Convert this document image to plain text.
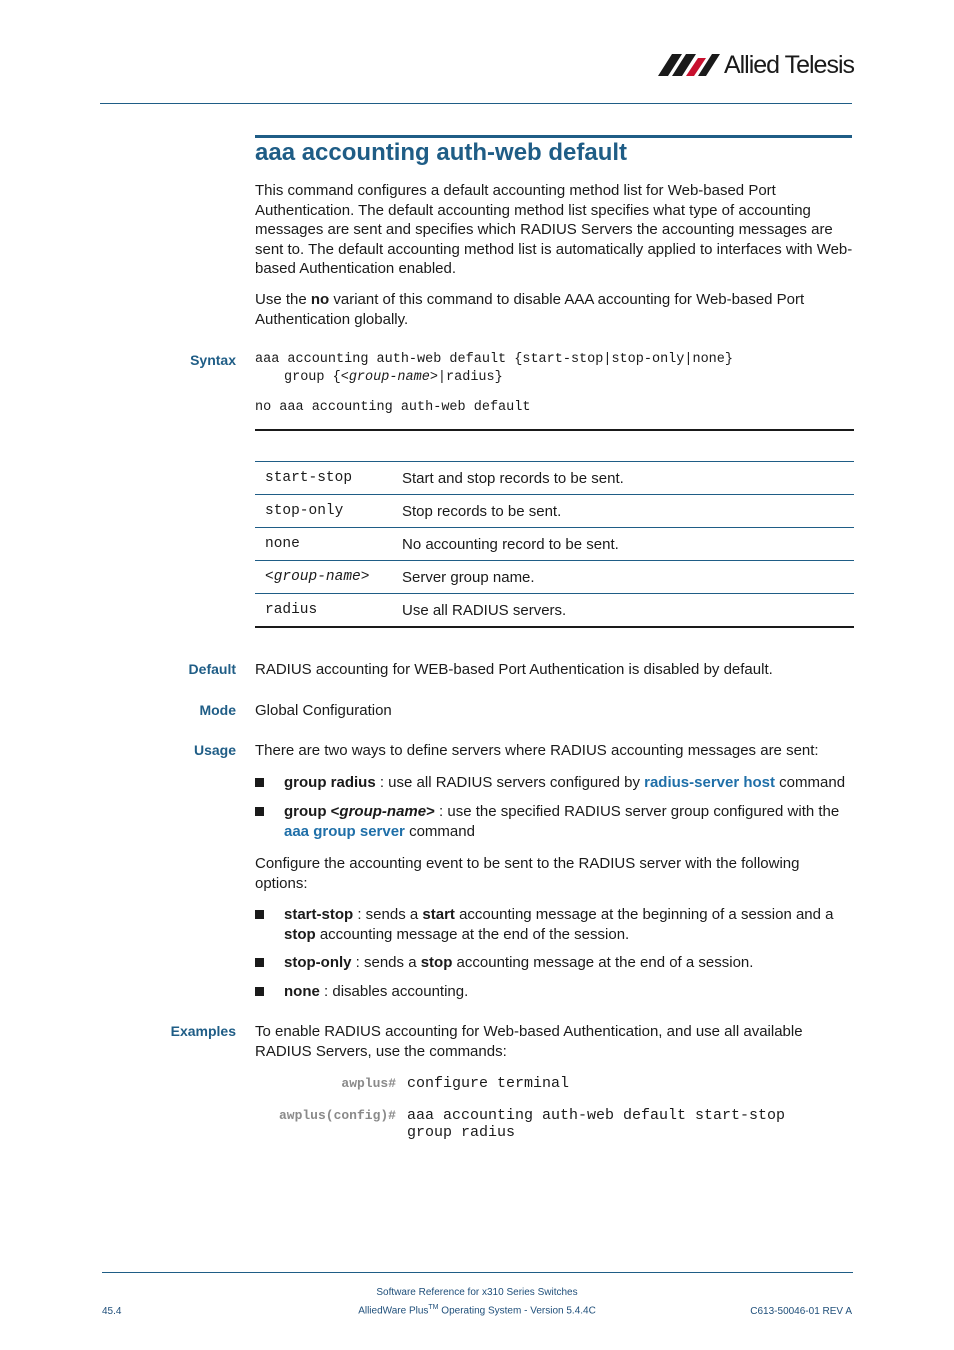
Allied Telesis
aaa accounting auth-web default
This command configures a default accounting method list for Web-based Port Authentication. The default accounting method list specifies what type of accounting messages are sent and specifies which RADIUS Servers the accounting messages are sent to. The default accounting method list is automatically applied to interfaces with Web-based Authentication enabled.
Use the no variant of this command to disable AAA accounting for Web-based Port Authentication globally.
Syntax aaa accounting auth-web default {start-stop|stop-only|none}
group {<group-name>|radius}
no aaa accounting auth-web default
start-stop	Start and stop records to be sent.
stop-only	Stop records to be sent.
none	No accounting record to be sent.
<group-name>	Server group name.
radius	Use all RADIUS servers.
Default RADIUS accounting for WEB-based Port Authentication is disabled by default.
Mode Global Configuration
Usage There are two ways to define servers where RADIUS accounting messages are sent:
group radius : use all RADIUS servers configured by radius-server host command
group <group-name> : use the specified RADIUS server group configured with the aaa group server command
Configure the accounting event to be sent to the RADIUS server with the following options:
start-stop : sends a start accounting message at the beginning of a session and a stop accounting message at the end of the session.
stop-only : sends a stop accounting message at the end of a session.
none : disables accounting.
Examples To enable RADIUS accounting for Web-based Authentication, and use all available RADIUS Servers, use the commands:
awplus# configure terminal
awplus(config)# aaa accounting auth-web default start-stop
group radius
Software Reference for x310 Series Switches
AlliedWare Plus™ Operating System - Version 5.4.4C
45.4	C613-50046-01 REV A
